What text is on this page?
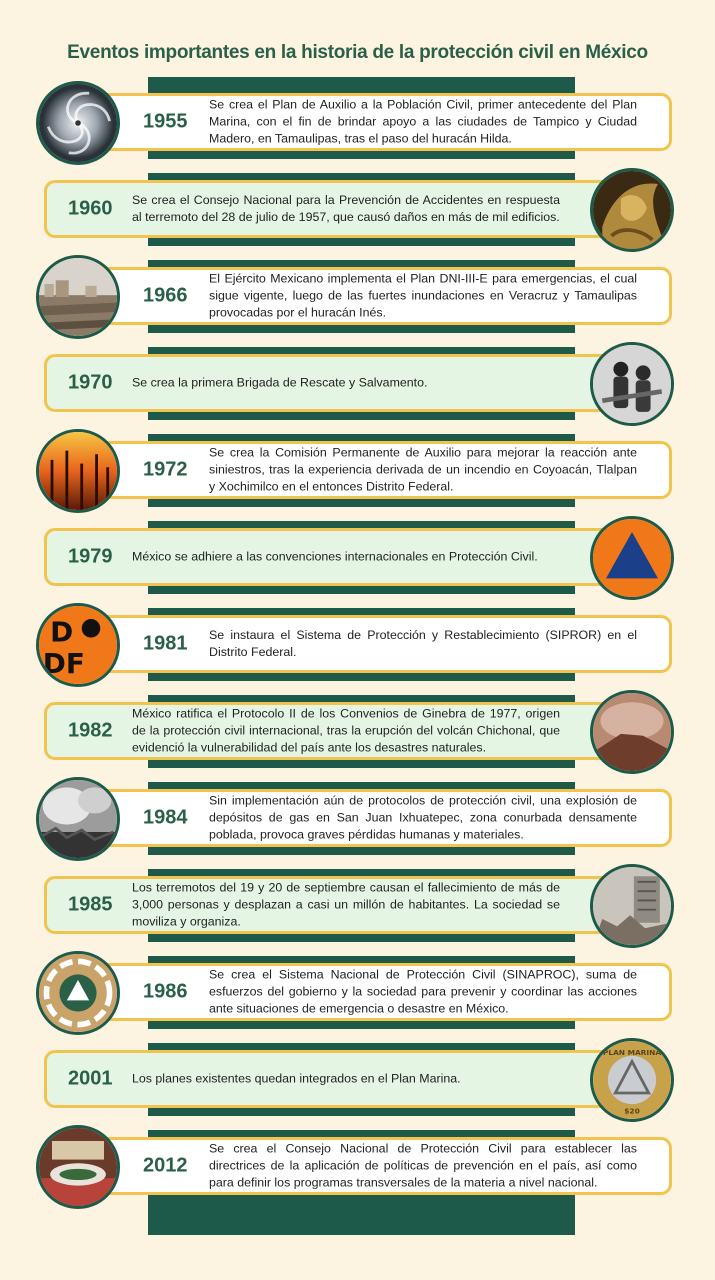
Eventos importantes en la historia de la protección civil en México
1955
Se crea el Plan de Auxilio a la Población Civil, primer antecedente del Plan Marina, con el fin de brindar apoyo a las ciudades de Tampico y Ciudad Madero, en Tamaulipas, tras el paso del huracán Hilda.
1960 Se crea el Consejo Nacional para la Prevención de Accidentes en respuesta al terremoto del 28 de julio de 1957, que causó daños en más de mil edificios.
1966
El Ejército Mexicano implementa el Plan DNI-III-E para emergencias, el cual sigue vigente, luego de las fuertes inundaciones en Veracruz y Tamaulipas provocadas por el huracán Inés.
1970 Se crea la primera Brigada de Rescate y Salvamento.
1972
Se crea la Comisión Permanente de Auxilio para mejorar la reacción ante siniestros, tras la experiencia derivada de un incendio en Coyoacán, Tlalpan y Xochimilco en el entonces Distrito Federal.
1979 México se adhiere a las convenciones internacionales en Protección Civil.
1981 Se instaura el Sistema de Protección y Restablecimiento (SIPROR) en el Distrito Federal.
D
DF
1982
México ratifica el Protocolo II de los Convenios de Ginebra de 1977, origen de la protección civil internacional, tras la erupción del volcán Chichonal, que evidenció la vulnerabilidad del país ante los desastres naturales.
1984
Sin implementación aún de protocolos de protección civil, una explosión de depósitos de gas en San Juan Ixhuatepec, zona conurbada densamente poblada, provoca graves pérdidas humanas y materiales.
1985
Los terremotos del 19 y 20 de septiembre causan el fallecimiento de más de 3,000 personas y desplazan a casi un millón de habitantes. La sociedad se moviliza y organiza.
1986
Se crea el Sistema Nacional de Protección Civil (SINAPROC), suma de esfuerzos del gobierno y la sociedad para prevenir y coordinar las acciones ante situaciones de emergencia o desastre en México.
2001 Los planes existentes quedan integrados en el Plan Marina.
PLAN MARINA
$20
2012
Se crea el Consejo Nacional de Protección Civil para establecer las directrices de la aplicación de políticas de prevención en el país, así como para definir los programas transversales de la materia a nivel nacional.
